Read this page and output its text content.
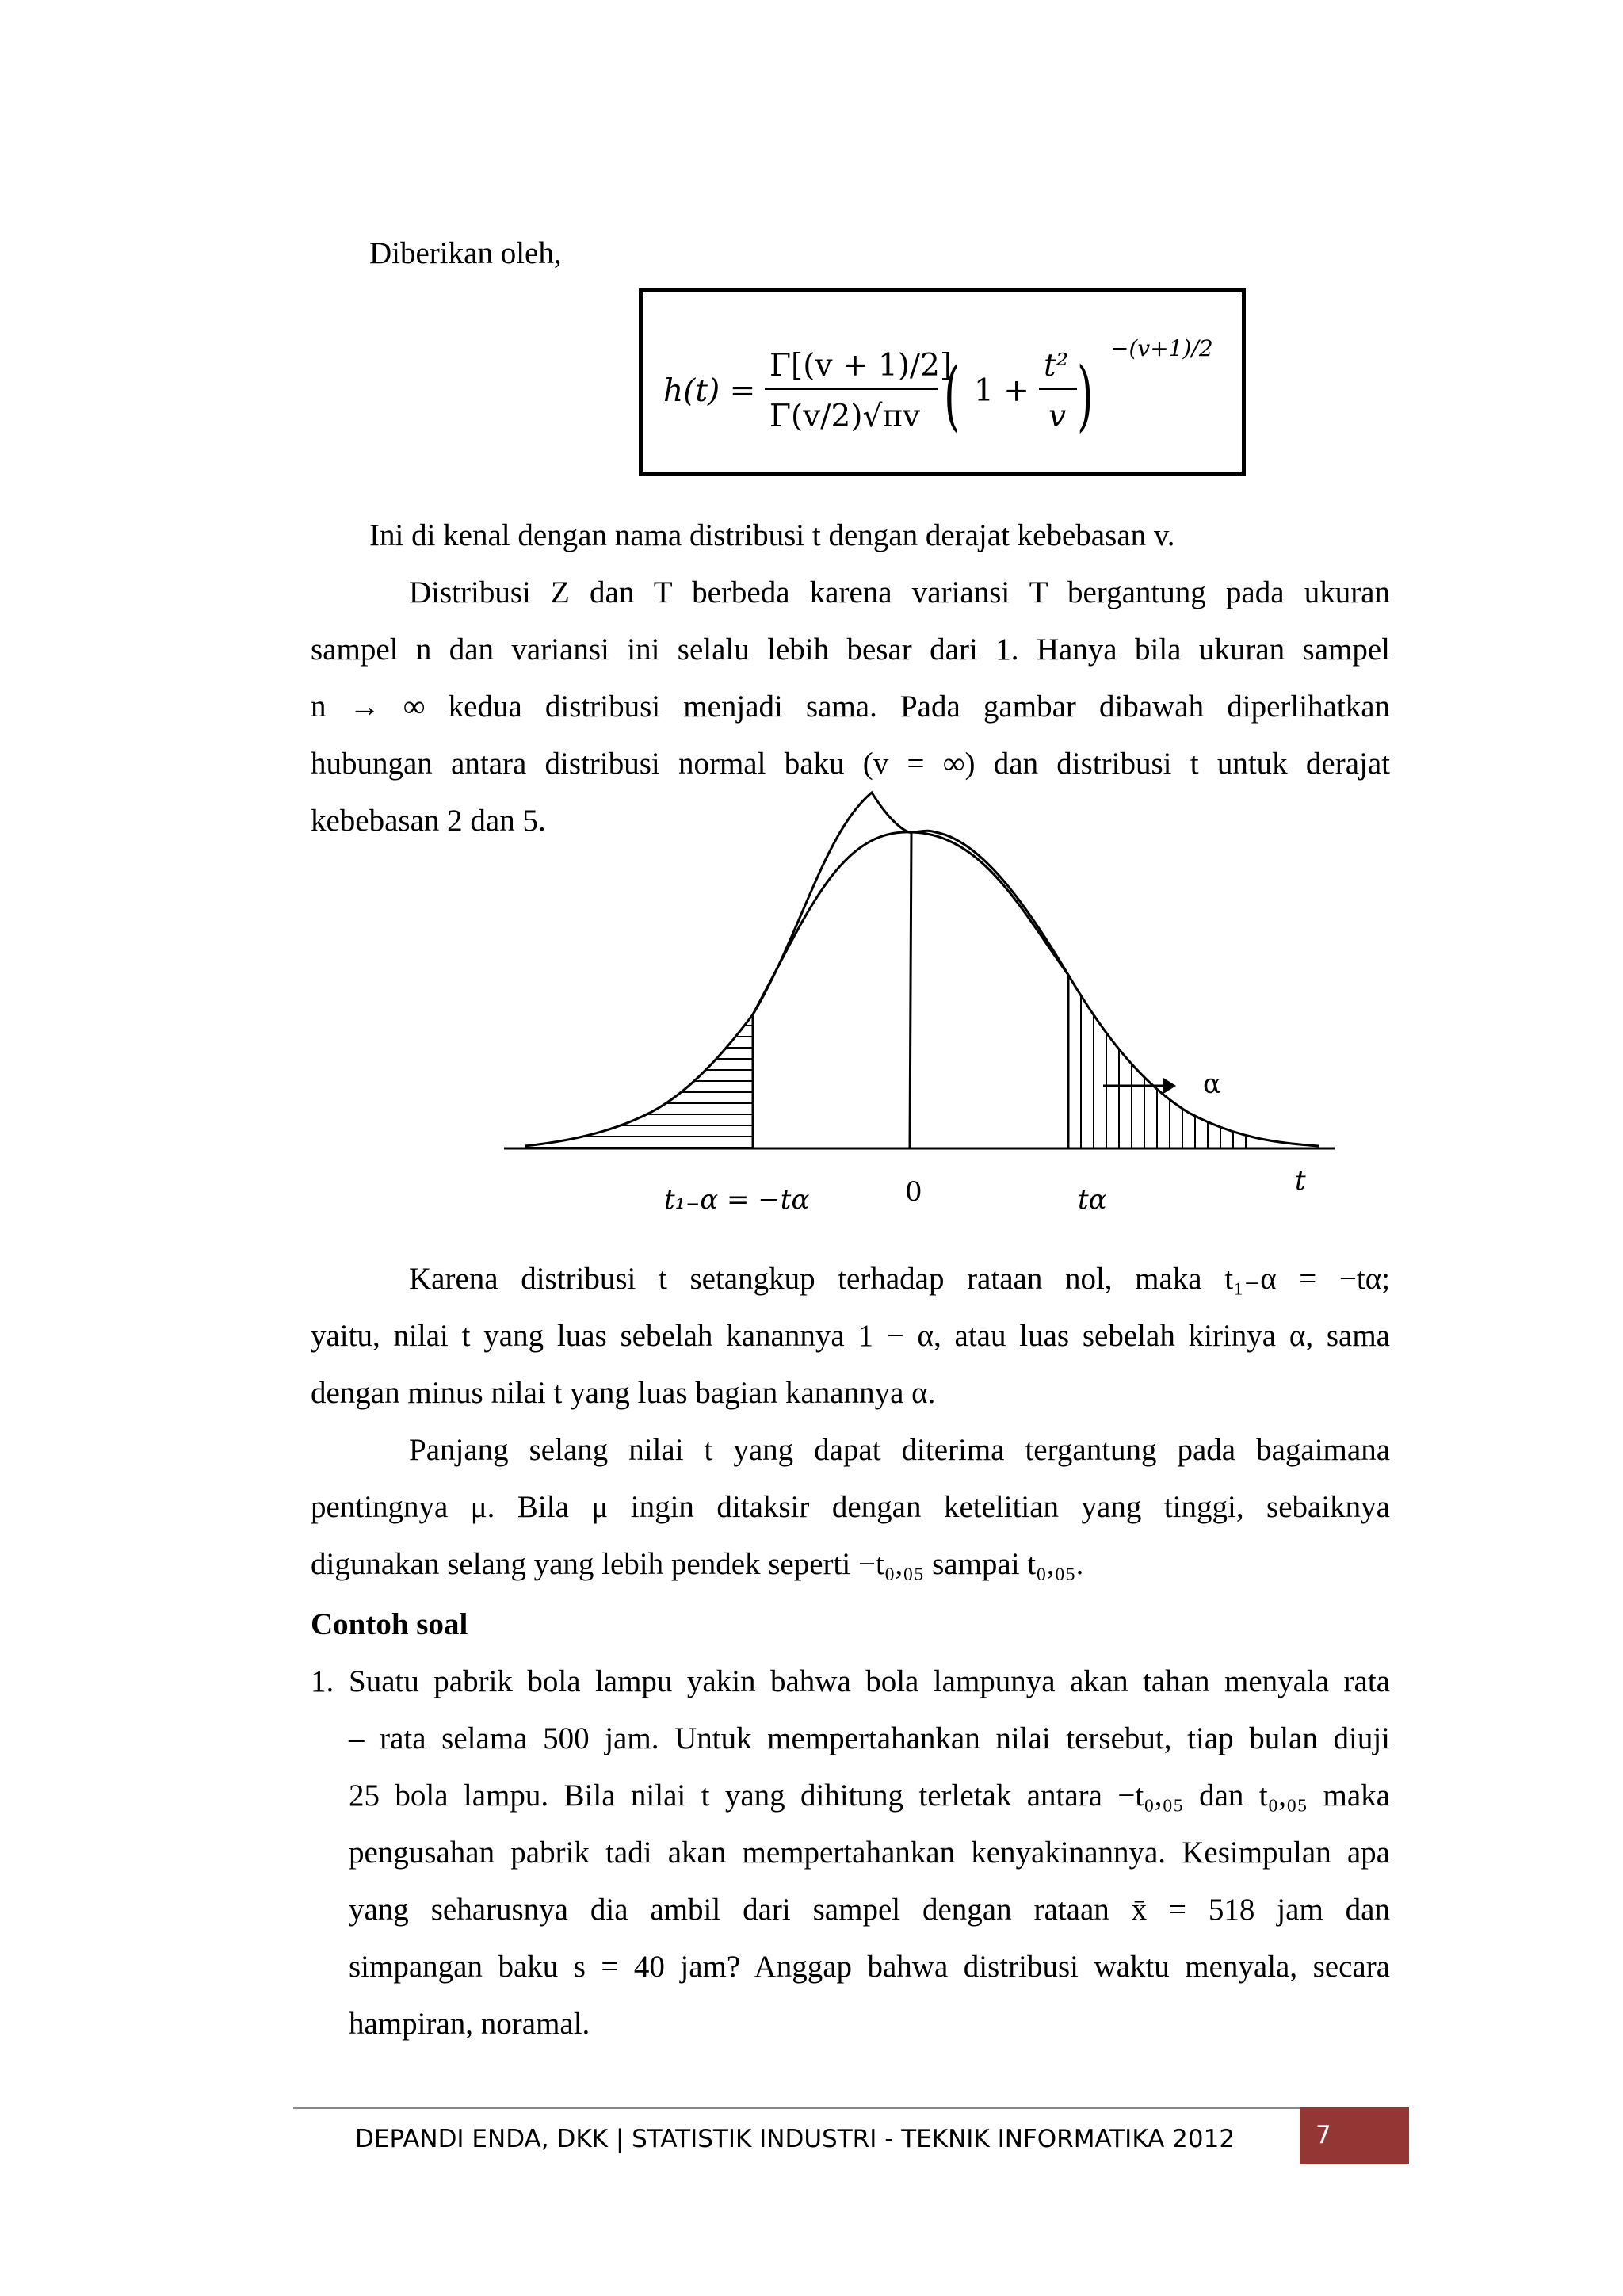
Diberikan oleh,
h(t) =
Γ[(v + 1)/2]
Γ(v/2)√πv ( 1 +
t²
v )
−(v+1)/2
Ini di kenal dengan nama distribusi t dengan derajat kebebasan v.
Distribusi Z dan T berbeda karena variansi T bergantung pada ukuran
sampel n dan variansi ini selalu lebih besar dari 1. Hanya bila ukuran sampel
n → ∞ kedua distribusi menjadi sama. Pada gambar dibawah diperlihatkan
hubungan antara distribusi normal baku (v = ∞) dan distribusi t untuk derajat
kebebasan 2 dan 5.
α
t₁₋α = −tα	0	tα
t
Karena distribusi t setangkup terhadap rataan nol, maka t₁₋α = −tα;
yaitu, nilai t yang luas sebelah kanannya 1 − α, atau luas sebelah kirinya α, sama
dengan minus nilai t yang luas bagian kanannya α.
Panjang selang nilai t yang dapat diterima tergantung pada bagaimana
pentingnya μ. Bila μ ingin ditaksir dengan ketelitian yang tinggi, sebaiknya
digunakan selang yang lebih pendek seperti −t₀,₀₅ sampai t₀,₀₅.
Contoh soal
1. Suatu pabrik bola lampu yakin bahwa bola lampunya akan tahan menyala rata
– rata selama 500 jam. Untuk mempertahankan nilai tersebut, tiap bulan diuji
25 bola lampu. Bila nilai t yang dihitung terletak antara −t₀,₀₅ dan t₀,₀₅ maka
pengusahan pabrik tadi akan mempertahankan kenyakinannya. Kesimpulan apa
yang seharusnya dia ambil dari sampel dengan rataan x̄ = 518 jam dan
simpangan baku s = 40 jam? Anggap bahwa distribusi waktu menyala, secara
hampiran, noramal.
DEPANDI ENDA, DKK | STATISTIK INDUSTRI - TEKNIK INFORMATIKA 2012	7
